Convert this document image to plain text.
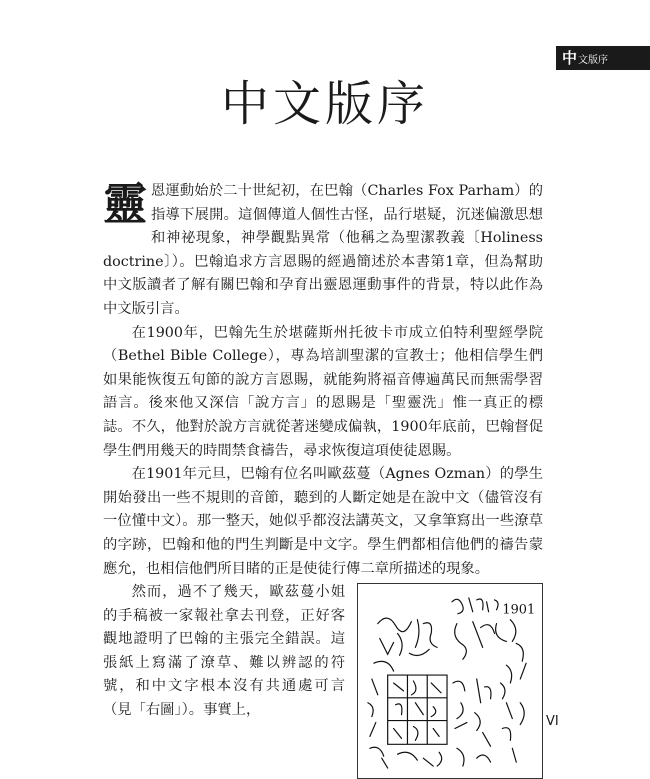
中 文版序
中文版序

靈恩運動始於二十世紀初，在巴翰（Charles Fox Parham）的指導下展開。這個傳道人個性古怪，品行堪疑，沉迷偏激思想和神祕現象，神學觀點異常（他稱之為聖潔教義〔Holiness doctrine〕）。巴翰追求方言恩賜的經過簡述於本書第1章，但為幫助中文版讀者了解有關巴翰和孕育出靈恩運動事件的背景，特以此作為中文版引言。

在1900年，巴翰先生於堪薩斯州托彼卡市成立伯特利聖經學院（Bethel Bible College），專為培訓聖潔的宣教士；他相信學生們如果能恢復五旬節的說方言恩賜，就能夠將福音傳遍萬民而無需學習語言。後來他又深信「說方言」的恩賜是「聖靈洗」惟一真正的標誌。不久，他對於說方言就從著迷變成偏執，1900年底前，巴翰督促學生們用幾天的時間禁食禱告，尋求恢復這項使徒恩賜。

在1901年元旦，巴翰有位名叫歐茲蔓（Agnes Ozman）的學生開始發出一些不規則的音節，聽到的人斷定她是在說中文（儘管沒有一位懂中文）。那一整天，她似乎都沒法講英文，又拿筆寫出一些潦草的字跡，巴翰和他的門生判斷是中文字。學生們都相信他們的禱告蒙應允，也相信他們所目睹的正是使徒行傳二章所描述的現象。

1901

然而，過不了幾天，歐茲蔓小姐的手稿被一家報社拿去刊登，正好客觀地證明了巴翰的主張完全錯誤。這張紙上寫滿了潦草、難以辨認的符號，和中文字根本沒有共通處可言（見「右圖」）。事實上，

VI
